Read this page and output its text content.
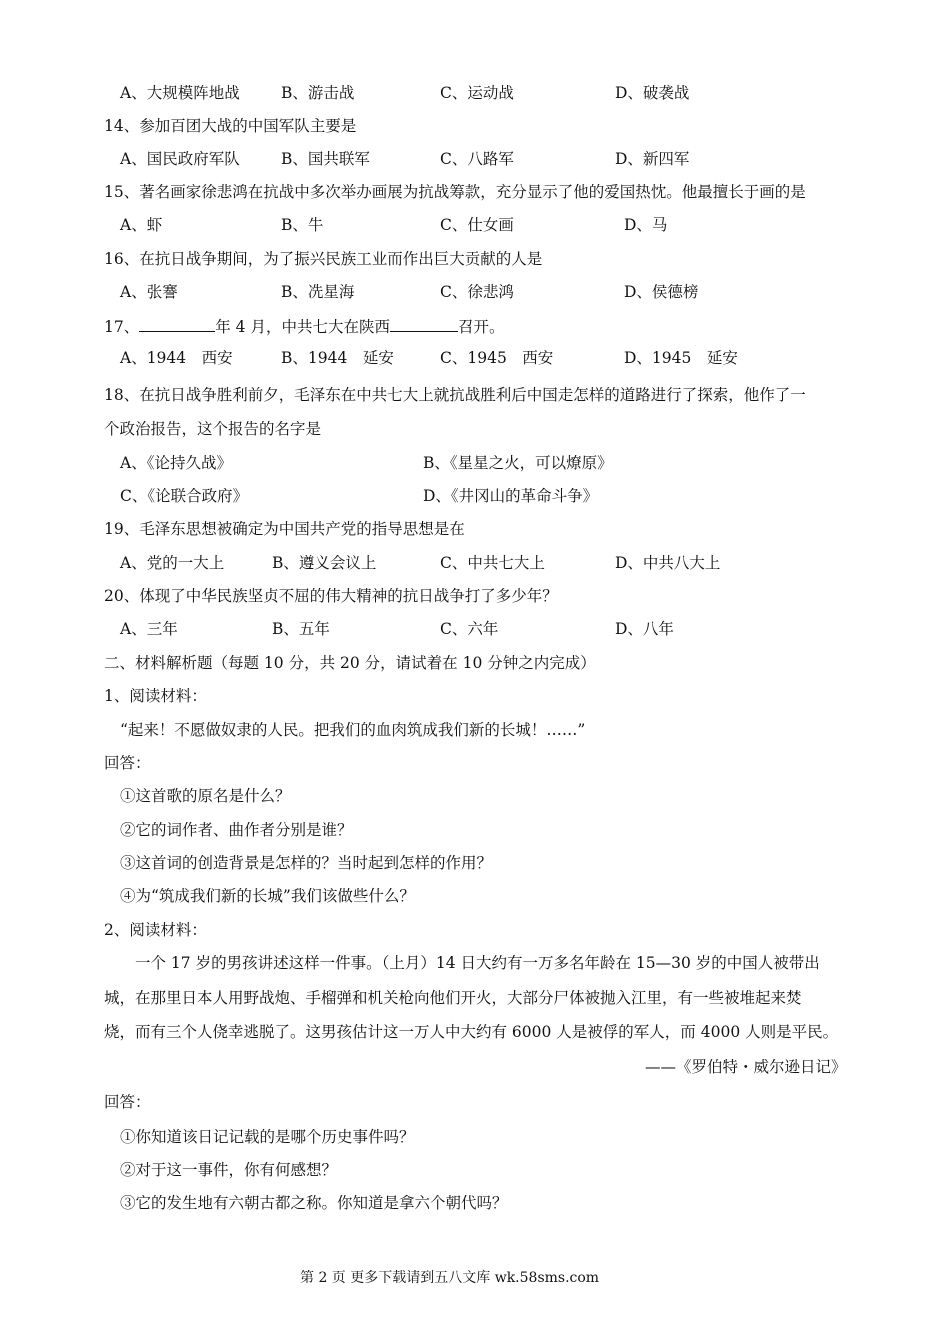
A、大规模阵地战	B、游击战	C、运动战	D、破袭战
14、参加百团大战的中国军队主要是
A、国民政府军队	B、国共联军	C、八路军	D、新四军
15、著名画家徐悲鸿在抗战中多次举办画展为抗战筹款，充分显示了他的爱国热忱。他最擅长于画的是
A、虾	B、牛	C、仕女画	D、马
16、在抗日战争期间，为了振兴民族工业而作出巨大贡献的人是
A、张謇	B、冼星海	C、徐悲鸿	D、侯德榜
17、	年 4 月，中共七大在陕西	召开。
A、1944　西安	B、1944　延安	C、1945　西安	D、1945　延安
18、在抗日战争胜利前夕，毛泽东在中共七大上就抗战胜利后中国走怎样的道路进行了探索，他作了一
个政治报告，这个报告的名字是
A、《论持久战》	B、《星星之火，可以燎原》
C、《论联合政府》	D、《井冈山的革命斗争》
19、毛泽东思想被确定为中国共产党的指导思想是在
A、党的一大上	B、遵义会议上	C、中共七大上	D、中共八大上
20、体现了中华民族坚贞不屈的伟大精神的抗日战争打了多少年？
A、三年	B、五年	C、六年	D、八年
二、材料解析题（每题 10 分，共 20 分，请试着在 10 分钟之内完成）
1、阅读材料：
“起来！不愿做奴隶的人民。把我们的血肉筑成我们新的长城！……”
回答：
①这首歌的原名是什么？
②它的词作者、曲作者分别是谁？
③这首词的创造背景是怎样的？当时起到怎样的作用？
④为“筑成我们新的长城”我们该做些什么？
2、阅读材料：
一个 17 岁的男孩讲述这样一件事。（上月）14 日大约有一万多名年龄在 15—30 岁的中国人被带出
城，在那里日本人用野战炮、手榴弹和机关枪向他们开火，大部分尸体被抛入江里，有一些被堆起来焚
烧，而有三个人侥幸逃脱了。这男孩估计这一万人中大约有 6000 人是被俘的军人，而 4000 人则是平民。
——《罗伯特・威尔逊日记》
回答：
①你知道该日记记载的是哪个历史事件吗？
②对于这一事件，你有何感想？
③它的发生地有六朝古都之称。你知道是拿六个朝代吗？
第 2 页 更多下载请到五八文库 wk.58sms.com
